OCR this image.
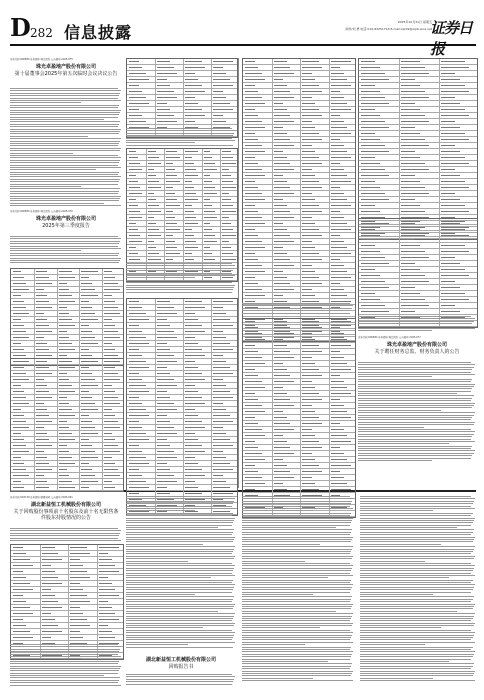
D 282 信息披露
2025年10月31日 星期五
制作/刘 勇 电话:010-83251716 E-mail:zqrb9@zqrb.sina.net
证券日报
证券代码:600684 证券简称:珠江股份 公告编号:2025-075
珠光卓盈地产股份有限公司
第十届董事会2025年第五次临时会议决议公告
证券代码:600684 证券简称:珠江股份 公告编号:2025-076
珠光卓盈地产股份有限公司
2025年第三季度报告
证券代码:600684 证券简称:珠江股份 公告编号:2025-077
珠光卓盈地产股份有限公司
关于聘任财务总监、财务负责人的公告
证券代码:603139 证券简称:康惠制药 公告编号:2025-061
湖北新益恒工机械股份有限公司
关于回购股份事项前十名股东及前十名无限售条件股东持股情况的公告
湖北新益恒工机械股份有限公司
回购报告书
